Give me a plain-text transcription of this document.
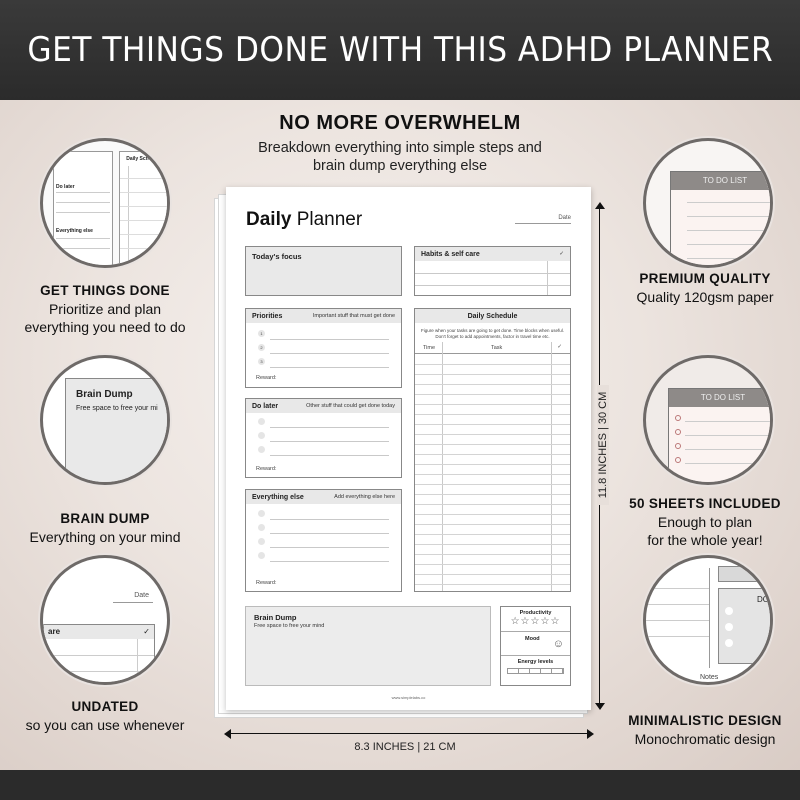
GET THINGS DONE WITH THIS ADHD PLANNER
NO MORE OVERWHELM
Breakdown everything into simple steps and
brain dump everything else
Do later
Everything else
Daily Schedule
GET THINGS DONE
Prioritize and plan
everything you need to do
Brain Dump
Free space to free your mi
BRAIN DUMP
Everything on your mind
Date
are	✓
UNDATED
so you can use whenever
TO DO LIST
PREMIUM QUALITY
Quality 120gsm paper
TO DO LIST
50 SHEETS INCLUDED
Enough to plan
for the whole year!
DO
Notes
MINIMALISTIC DESIGN
Monochromatic design
Daily Planner	Date
Today's focus	Habits & self care	✓
Priorities	Important stuff that must get done
1
2
3
Reward:
Do later	Other stuff that could get done today
Reward:
Everything else	Add everything else here
Reward:
Daily Schedule
Figure when your tasks are going to get done. Time blocks when useful.
Don't forget to add appointments, factor in travel time etc.
Time	Task	✓
Brain Dump
Free space to free your mind
Productivity
☆☆☆☆☆
Mood ☺
Energy levels
www.simplelabs.co
11.8 INCHES | 30 CM
8.3 INCHES | 21 CM
